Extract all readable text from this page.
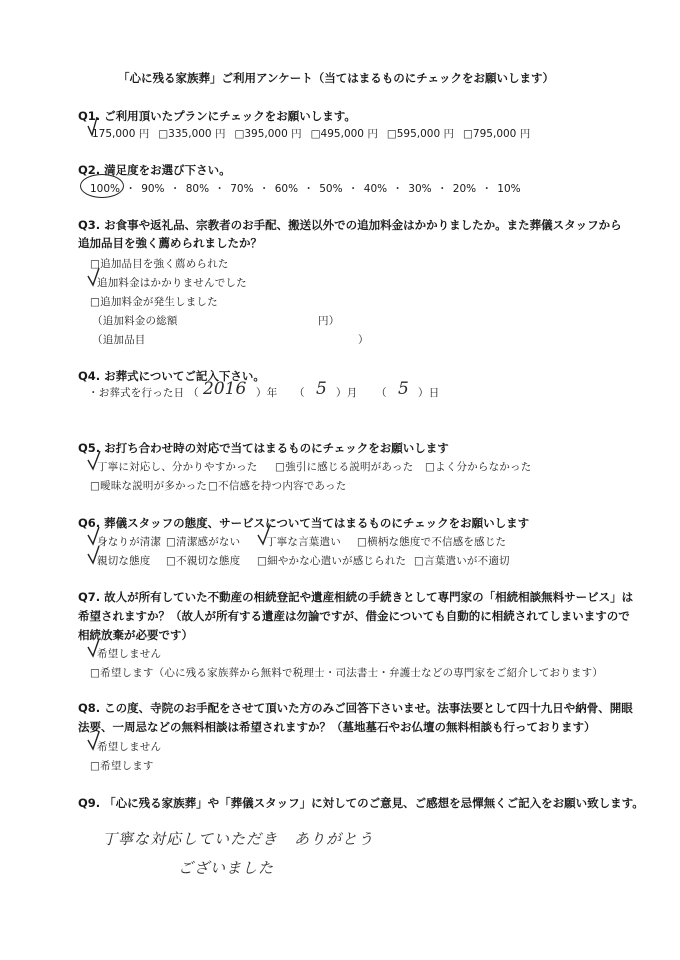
「心に残る家族葬」ご利用アンケート（当てはまるものにチェックをお願いします）
Q1. ご利用頂いたプランにチェックをお願いします。
175,000 円 □335,000 円 □395,000 円 □495,000 円 □595,000 円 □795,000 円
Q2. 満足度をお選び下さい。
100% ・ 90% ・ 80% ・ 70% ・ 60% ・ 50% ・ 40% ・ 30% ・ 20% ・ 10%
Q3. お食事や返礼品、宗教者のお手配、搬送以外での追加料金はかかりましたか。また葬儀スタッフから
追加品目を強く薦められましたか？
□追加品目を強く薦められた
追加料金はかかりませんでした
□追加料金が発生しました
（追加料金の総額	円）
（追加品目	）
Q4. お葬式についてご記入下さい。
・お葬式を行った日 （ 2016 ）年 （ 5 ）月 （ 5 ）日
Q5. お打ち合わせ時の対応で当てはまるものにチェックをお願いします
丁寧に対応し、分かりやすかった □強引に感じる説明があった □よく分からなかった
□曖昧な説明が多かった □不信感を持つ内容であった
Q6. 葬儀スタッフの態度、サービスについて当てはまるものにチェックをお願いします
身なりが清潔 □清潔感がない 丁寧な言葉遣い □横柄な態度で不信感を感じた
親切な態度 □不親切な態度 □細やかな心遣いが感じられた □言葉遣いが不適切
Q7. 故人が所有していた不動産の相続登記や遺産相続の手続きとして専門家の「相続相談無料サービス」は
希望されますか？（故人が所有する遺産は勿論ですが、借金についても自動的に相続されてしまいますので
相続放棄が必要です）
希望しません
□希望します（心に残る家族葬から無料で税理士・司法書士・弁護士などの専門家をご紹介しております）
Q8. この度、寺院のお手配をさせて頂いた方のみご回答下さいませ。法事法要として四十九日や納骨、開眼
法要、一周忌などの無料相談は希望されますか？（墓地墓石やお仏壇の無料相談も行っております）
希望しません
□希望します
Q9. 「心に残る家族葬」や「葬儀スタッフ」に対してのご意見、ご感想を忌憚無くご記入をお願い致します。
丁寧な対応していただき　ありがとう
ございました
